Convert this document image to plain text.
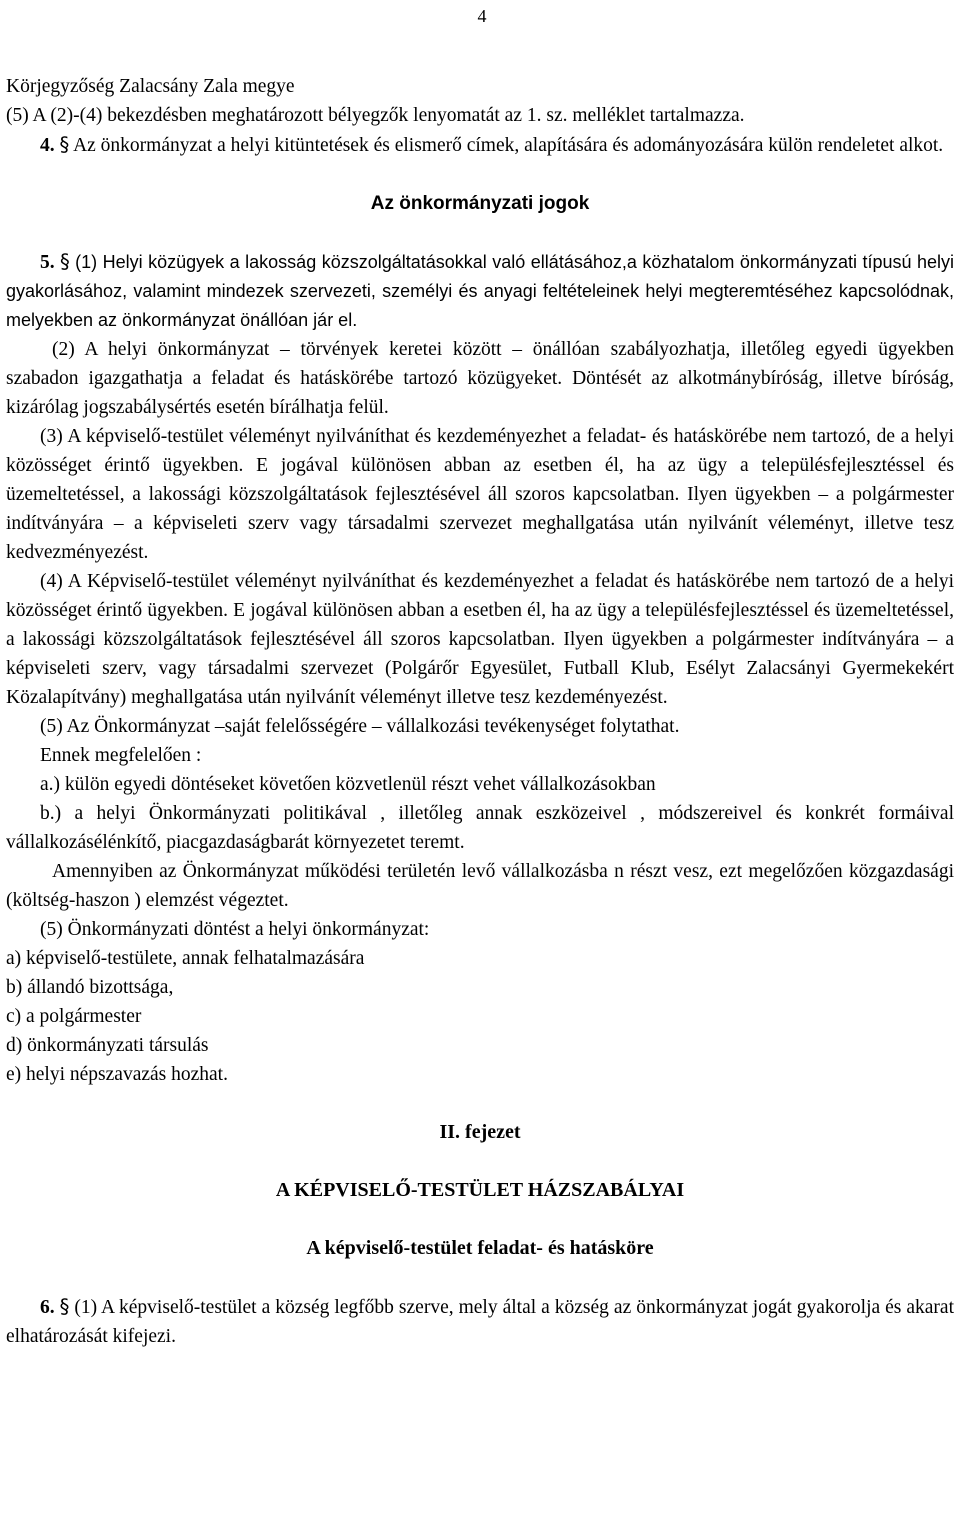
4

Körjegyzőség Zalacsány Zala megye

(5) A (2)-(4) bekezdésben meghatározott bélyegzők lenyomatát az 1. sz. melléklet tartalmazza.

4. § Az önkormányzat a helyi kitüntetések és elismerő címek, alapítására és adományozására külön rendeletet alkot.

Az önkormányzati jogok

5. § (1) Helyi közügyek a lakosság közszolgáltatásokkal való ellátásához,a közhatalom önkormányzati típusú helyi gyakorlásához, valamint mindezek szervezeti, személyi és anyagi feltételeinek helyi megteremtéséhez kapcsolódnak, melyekben az önkormányzat önállóan jár el.

(2) A helyi önkormányzat – törvények keretei között – önállóan szabályozhatja, illetőleg egyedi ügyekben szabadon igazgathatja a feladat és hatáskörébe tartozó közügyeket. Döntését az alkotmánybíróság, illetve bíróság, kizárólag jogszabálysértés esetén bírálhatja felül.

(3) A képviselő-testület véleményt nyilváníthat és kezdeményezhet a feladat- és hatáskörébe nem tartozó, de a helyi közösséget érintő ügyekben. E jogával különösen abban az esetben él, ha az ügy a településfejlesztéssel és üzemeltetéssel, a lakossági közszolgáltatások fejlesztésével áll szoros kapcsolatban. Ilyen ügyekben – a polgármester indítványára – a képviseleti szerv vagy társadalmi szervezet meghallgatása után nyilvánít véleményt, illetve tesz kedvezményezést.

(4) A Képviselő-testület véleményt nyilváníthat és kezdeményezhet a feladat és hatáskörébe nem tartozó de a helyi közösséget érintő ügyekben. E jogával különösen abban a esetben él, ha az ügy a településfejlesztéssel és üzemeltetéssel, a lakossági közszolgáltatások fejlesztésével áll szoros kapcsolatban. Ilyen ügyekben a polgármester indítványára – a képviseleti szerv, vagy társadalmi szervezet (Polgárőr Egyesület, Futball Klub, Esélyt Zalacsányi Gyermekekért Közalapítvány) meghallgatása után nyilvánít véleményt illetve tesz kezdeményezést.

(5) Az Önkormányzat –saját felelősségére – vállalkozási tevékenységet folytathat.

Ennek megfelelően :

a.) külön egyedi döntéseket követően közvetlenül részt vehet vállalkozásokban

b.) a helyi Önkormányzati politikával , illetőleg annak eszközeivel , módszereivel és konkrét formáival vállalkozásélénkítő, piacgazdaságbarát környezetet teremt.

Amennyiben az Önkormányzat működési területén levő vállalkozásba n részt vesz, ezt megelőzően közgazdasági (költség-haszon ) elemzést végeztet.

(5) Önkormányzati döntést a helyi önkormányzat:

a) képviselő-testülete, annak felhatalmazására

b) állandó bizottsága,

c) a polgármester

d) önkormányzati társulás

e) helyi népszavazás hozhat.

II. fejezet

A KÉPVISELŐ-TESTÜLET HÁZSZABÁLYAI

A képviselő-testület feladat- és hatásköre

6. § (1) A képviselő-testület a község legfőbb szerve, mely által a község az önkormányzat jogát gyakorolja és akarat elhatározását kifejezi.
